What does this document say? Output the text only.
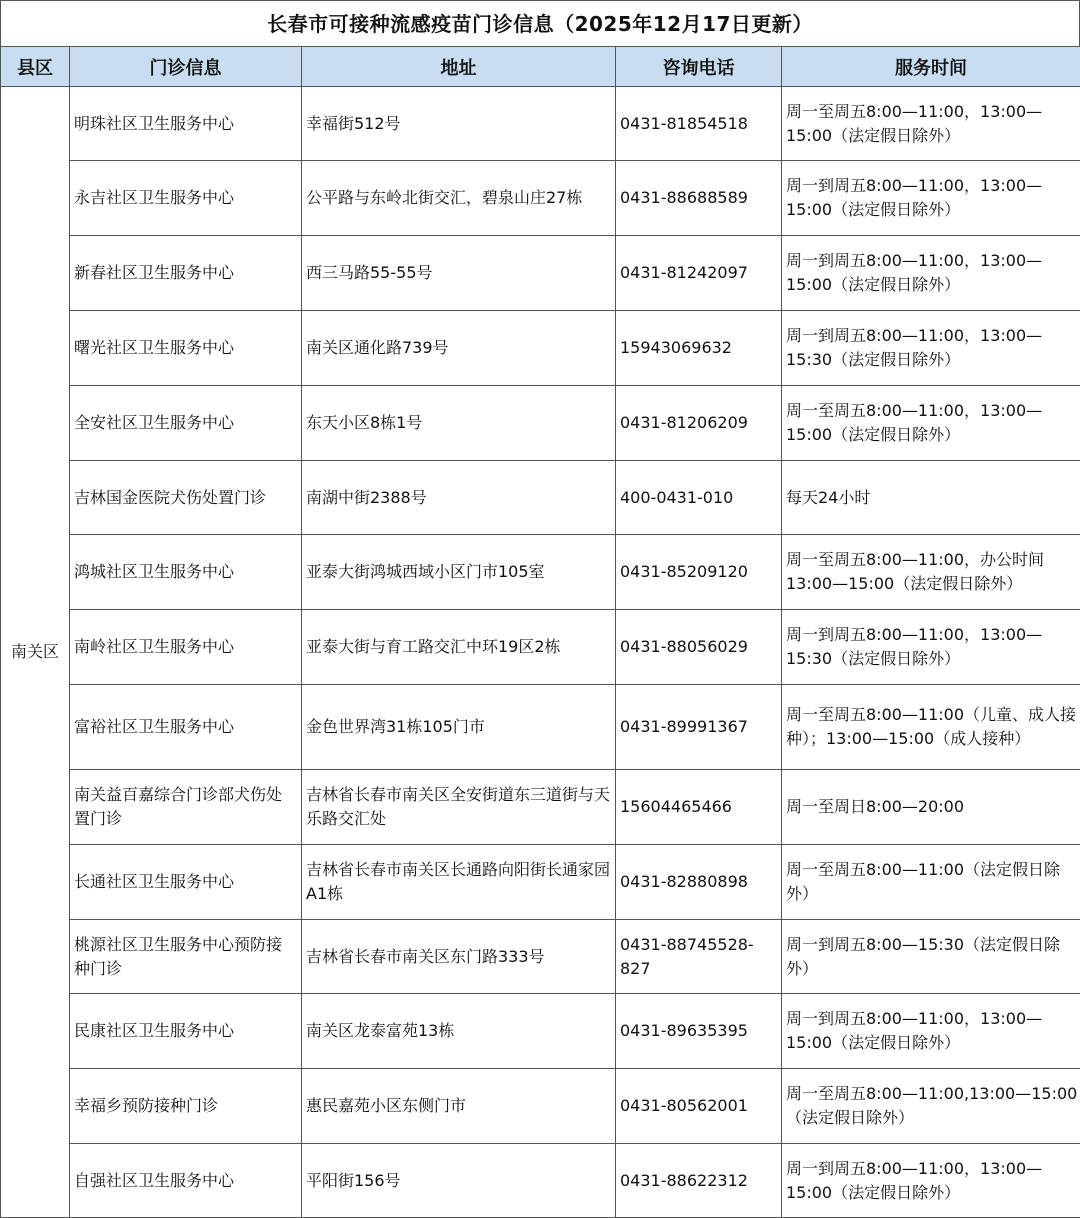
长春市可接种流感疫苗门诊信息（2025年12月17日更新）
县区	门诊信息	地址	咨询电话	服务时间
南关区	明珠社区卫生服务中心	幸福街512号	0431-81854518	周一至周五8:00—11:00，13:00—15:00（法定假日除外）
	永吉社区卫生服务中心	公平路与东岭北街交汇，碧泉山庄27栋	0431-88688589	周一到周五8:00—11:00，13:00—15:00（法定假日除外）
	新春社区卫生服务中心	西三马路55-55号	0431-81242097	周一到周五8:00—11:00，13:00—15:00（法定假日除外）
	曙光社区卫生服务中心	南关区通化路739号	15943069632	周一到周五8:00—11:00，13:00—15:30（法定假日除外）
	全安社区卫生服务中心	东天小区8栋1号	0431-81206209	周一至周五8:00—11:00，13:00—15:00（法定假日除外）
	吉林国金医院犬伤处置门诊	南湖中街2388号	400-0431-010	每天24小时
	鸿城社区卫生服务中心	亚泰大街鸿城西域小区门市105室	0431-85209120	周一至周五8:00—11:00，办公时间13:00—15:00（法定假日除外）
	南岭社区卫生服务中心	亚泰大街与育工路交汇中环19区2栋	0431-88056029	周一到周五8:00—11:00，13:00—15:30（法定假日除外）
	富裕社区卫生服务中心	金色世界湾31栋105门市	0431-89991367	周一至周五8:00—11:00（儿童、成人接种）；13:00—15:00（成人接种）
	南关益百嘉综合门诊部犬伤处置门诊	吉林省长春市南关区全安街道东三道街与天乐路交汇处	15604465466	周一至周日8:00—20:00
	长通社区卫生服务中心	吉林省长春市南关区长通路向阳街长通家园A1栋	0431-82880898	周一至周五8:00—11:00（法定假日除外）
	桃源社区卫生服务中心预防接种门诊	吉林省长春市南关区东门路333号	0431-88745528-827	周一到周五8:00—15:30（法定假日除外）
	民康社区卫生服务中心	南关区龙泰富苑13栋	0431-89635395	周一到周五8:00—11:00，13:00—15:00（法定假日除外）
	幸福乡预防接种门诊	惠民嘉苑小区东侧门市	0431-80562001	周一至周五8:00—11:00,13:00—15:00（法定假日除外）
	自强社区卫生服务中心	平阳街156号	0431-88622312	周一到周五8:00—11:00，13:00—15:00（法定假日除外）
